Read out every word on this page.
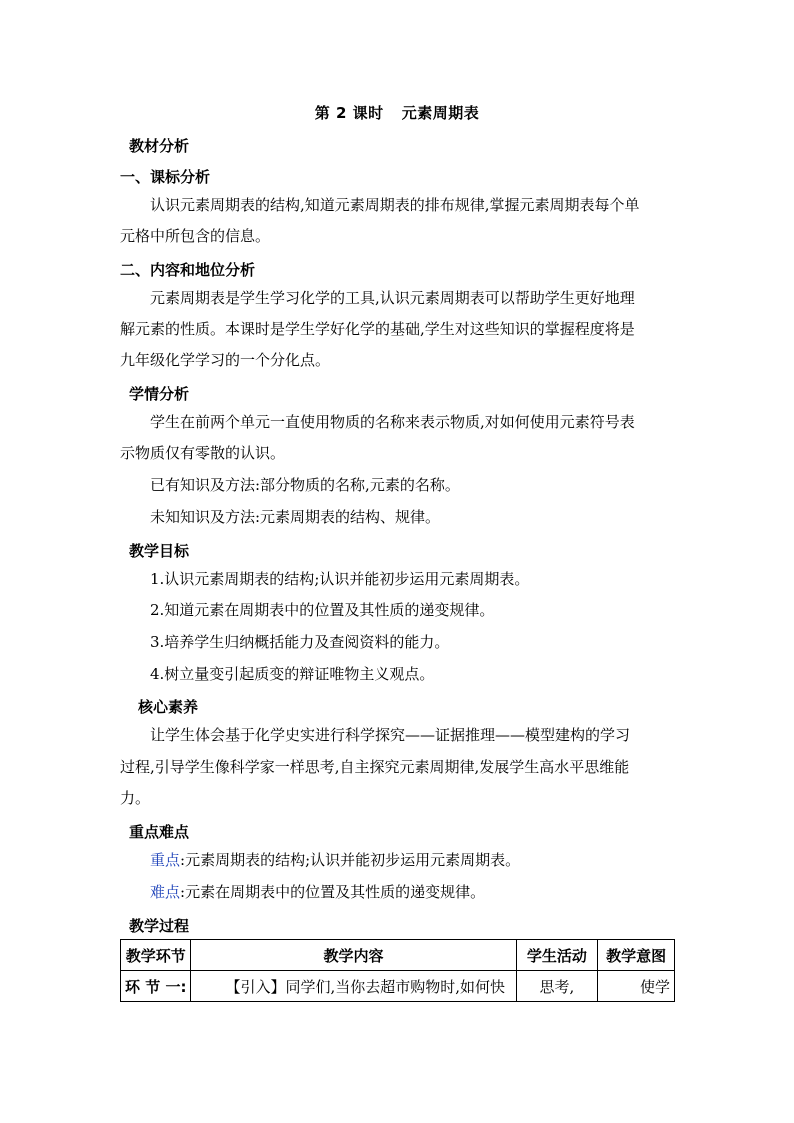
第 2 课时 元素周期表
教材分析
一、课标分析
认识元素周期表的结构,知道元素周期表的排布规律,掌握元素周期表每个单
元格中所包含的信息。
二、内容和地位分析
元素周期表是学生学习化学的工具,认识元素周期表可以帮助学生更好地理
解元素的性质。本课时是学生学好化学的基础,学生对这些知识的掌握程度将是
九年级化学学习的一个分化点。
学情分析
学生在前两个单元一直使用物质的名称来表示物质,对如何使用元素符号表
示物质仅有零散的认识。
已有知识及方法:部分物质的名称,元素的名称。
未知知识及方法:元素周期表的结构、规律。
教学目标
1.认识元素周期表的结构;认识并能初步运用元素周期表。
2.知道元素在周期表中的位置及其性质的递变规律。
3.培养学生归纳概括能力及查阅资料的能力。
4.树立量变引起质变的辩证唯物主义观点。
核心素养
让学生体会基于化学史实进行科学探究——证据推理——模型建构的学习
过程,引导学生像科学家一样思考,自主探究元素周期律,发展学生高水平思维能
力。
重点难点
重点:元素周期表的结构;认识并能初步运用元素周期表。
难点:元素在周期表中的位置及其性质的递变规律。
教学过程
教学环节	教学内容	学生活动	教学意图
环 节 一:	【引入】同学们,当你去超市购物时,如何快	思考,	使学
